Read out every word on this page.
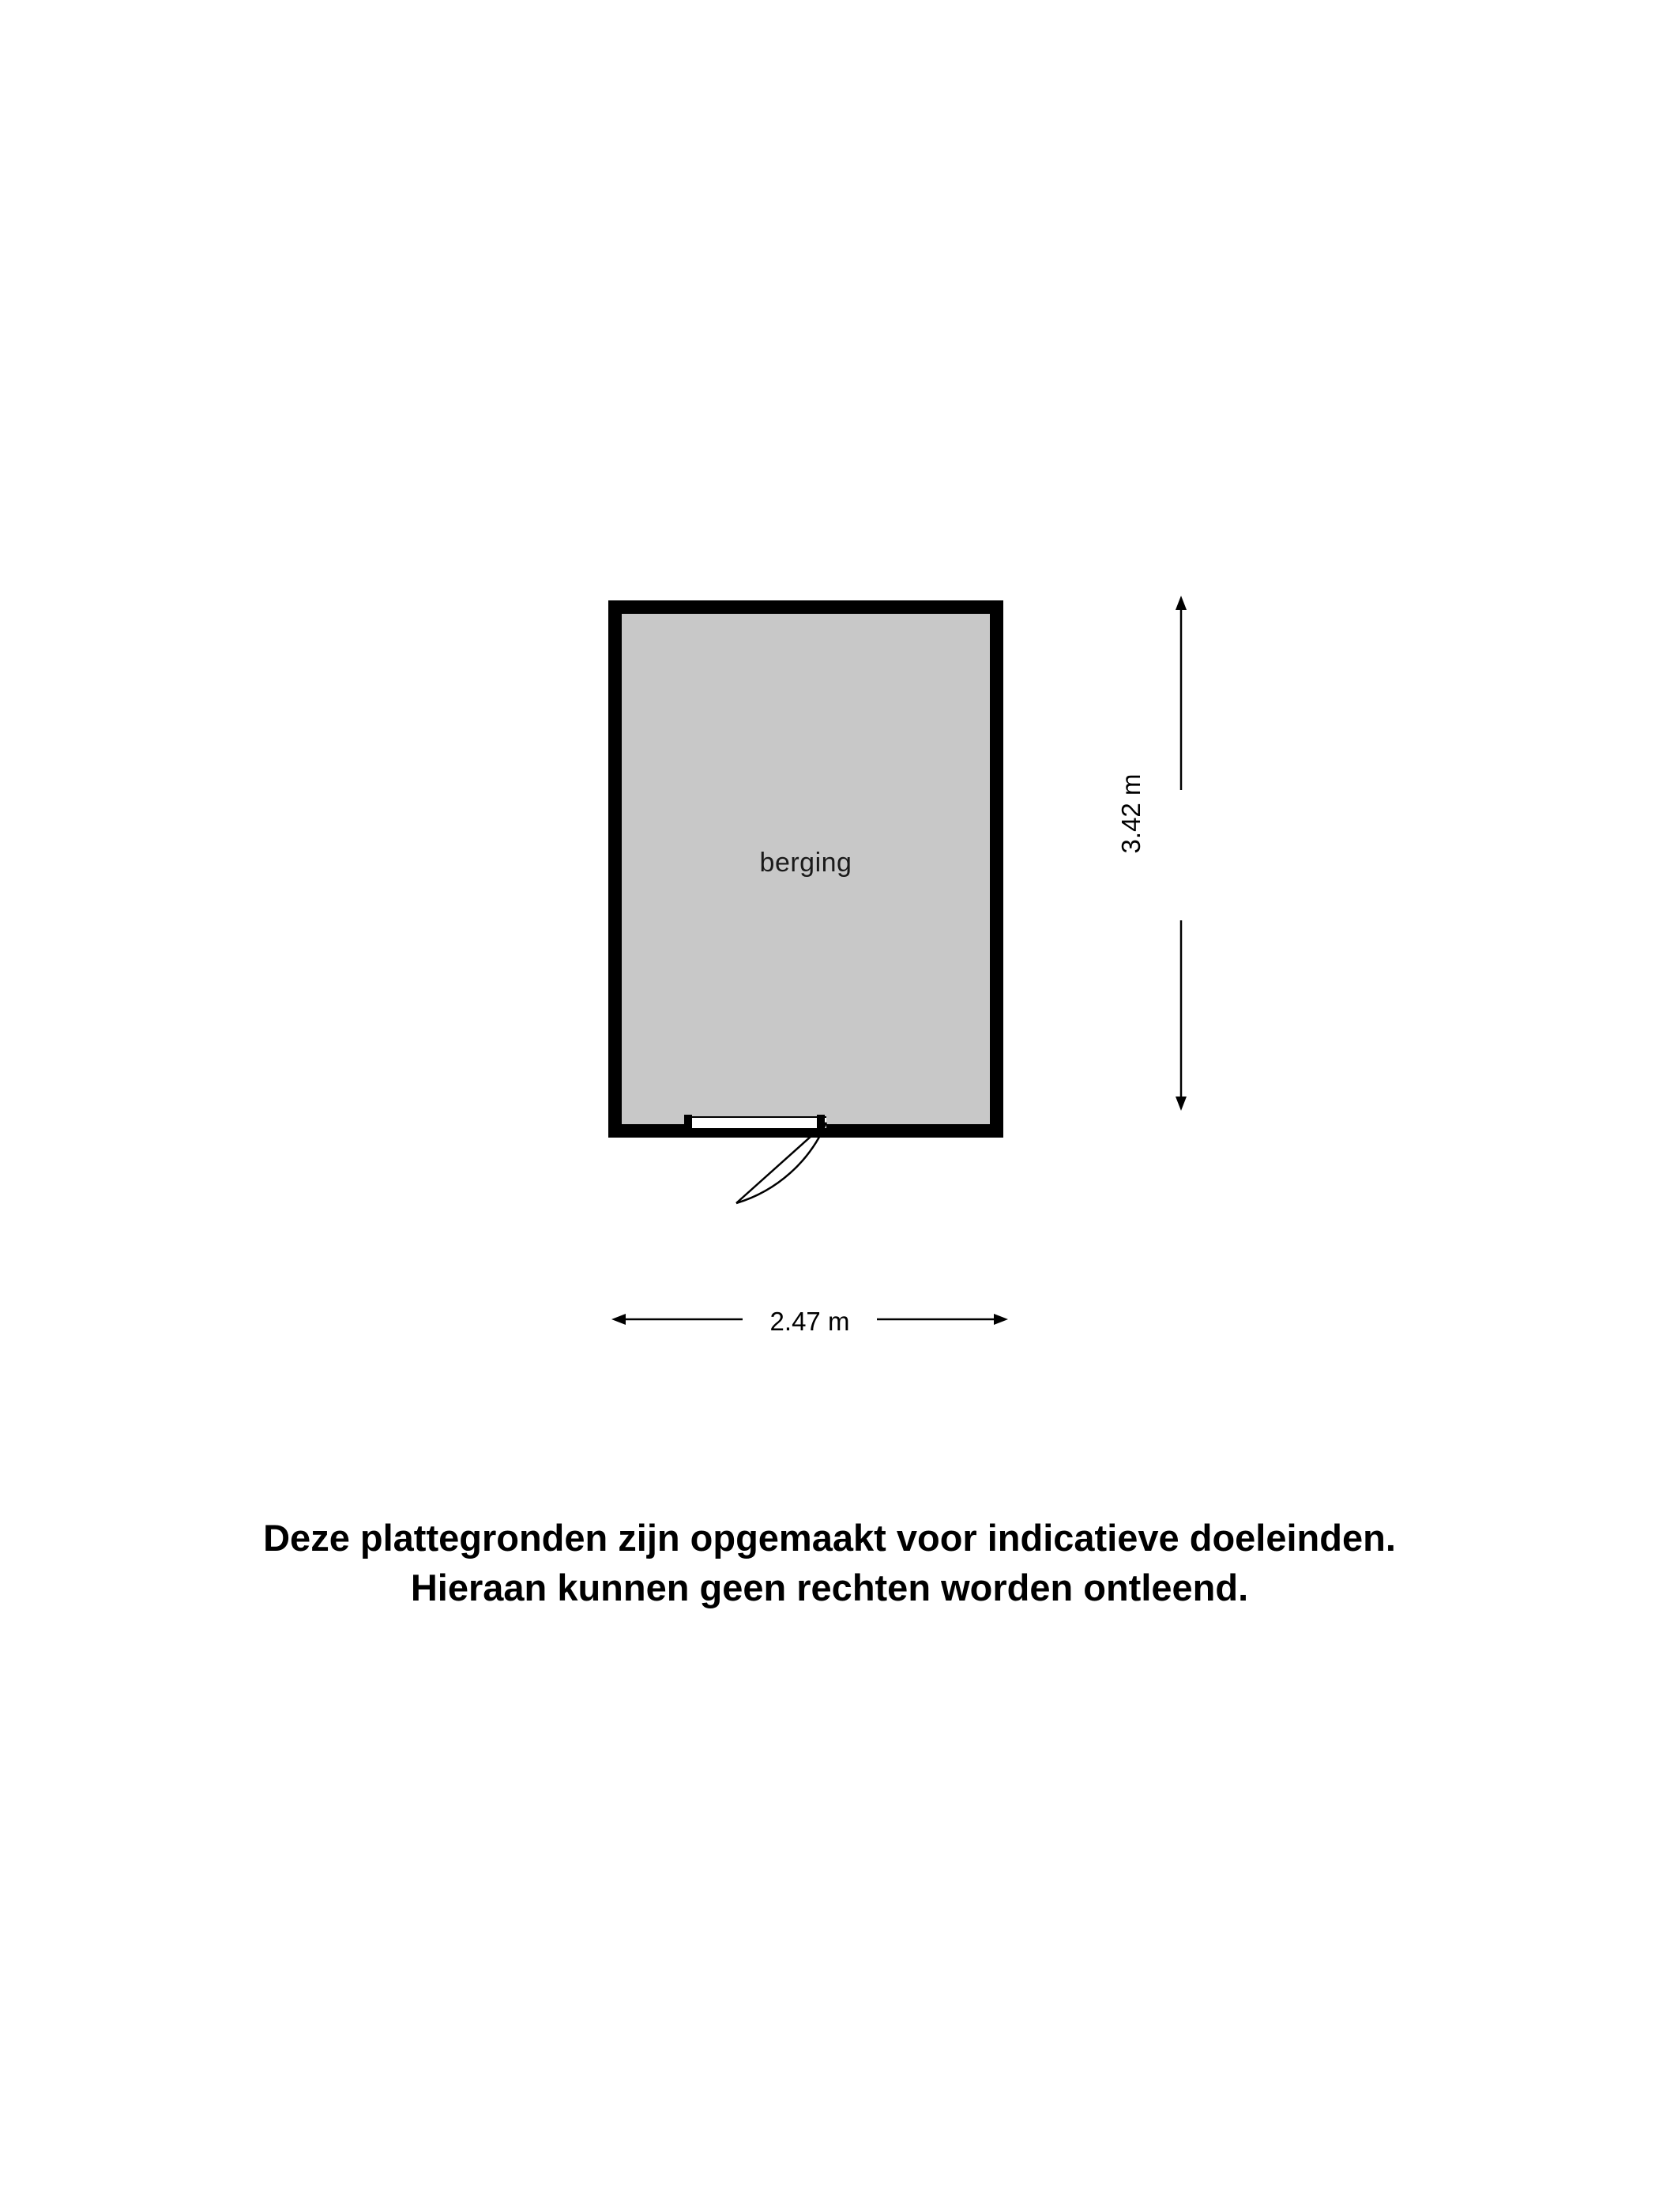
berging
3.42 m
2.47 m
Deze plattegronden zijn opgemaakt voor indicatieve doeleinden.
Hieraan kunnen geen rechten worden ontleend.
